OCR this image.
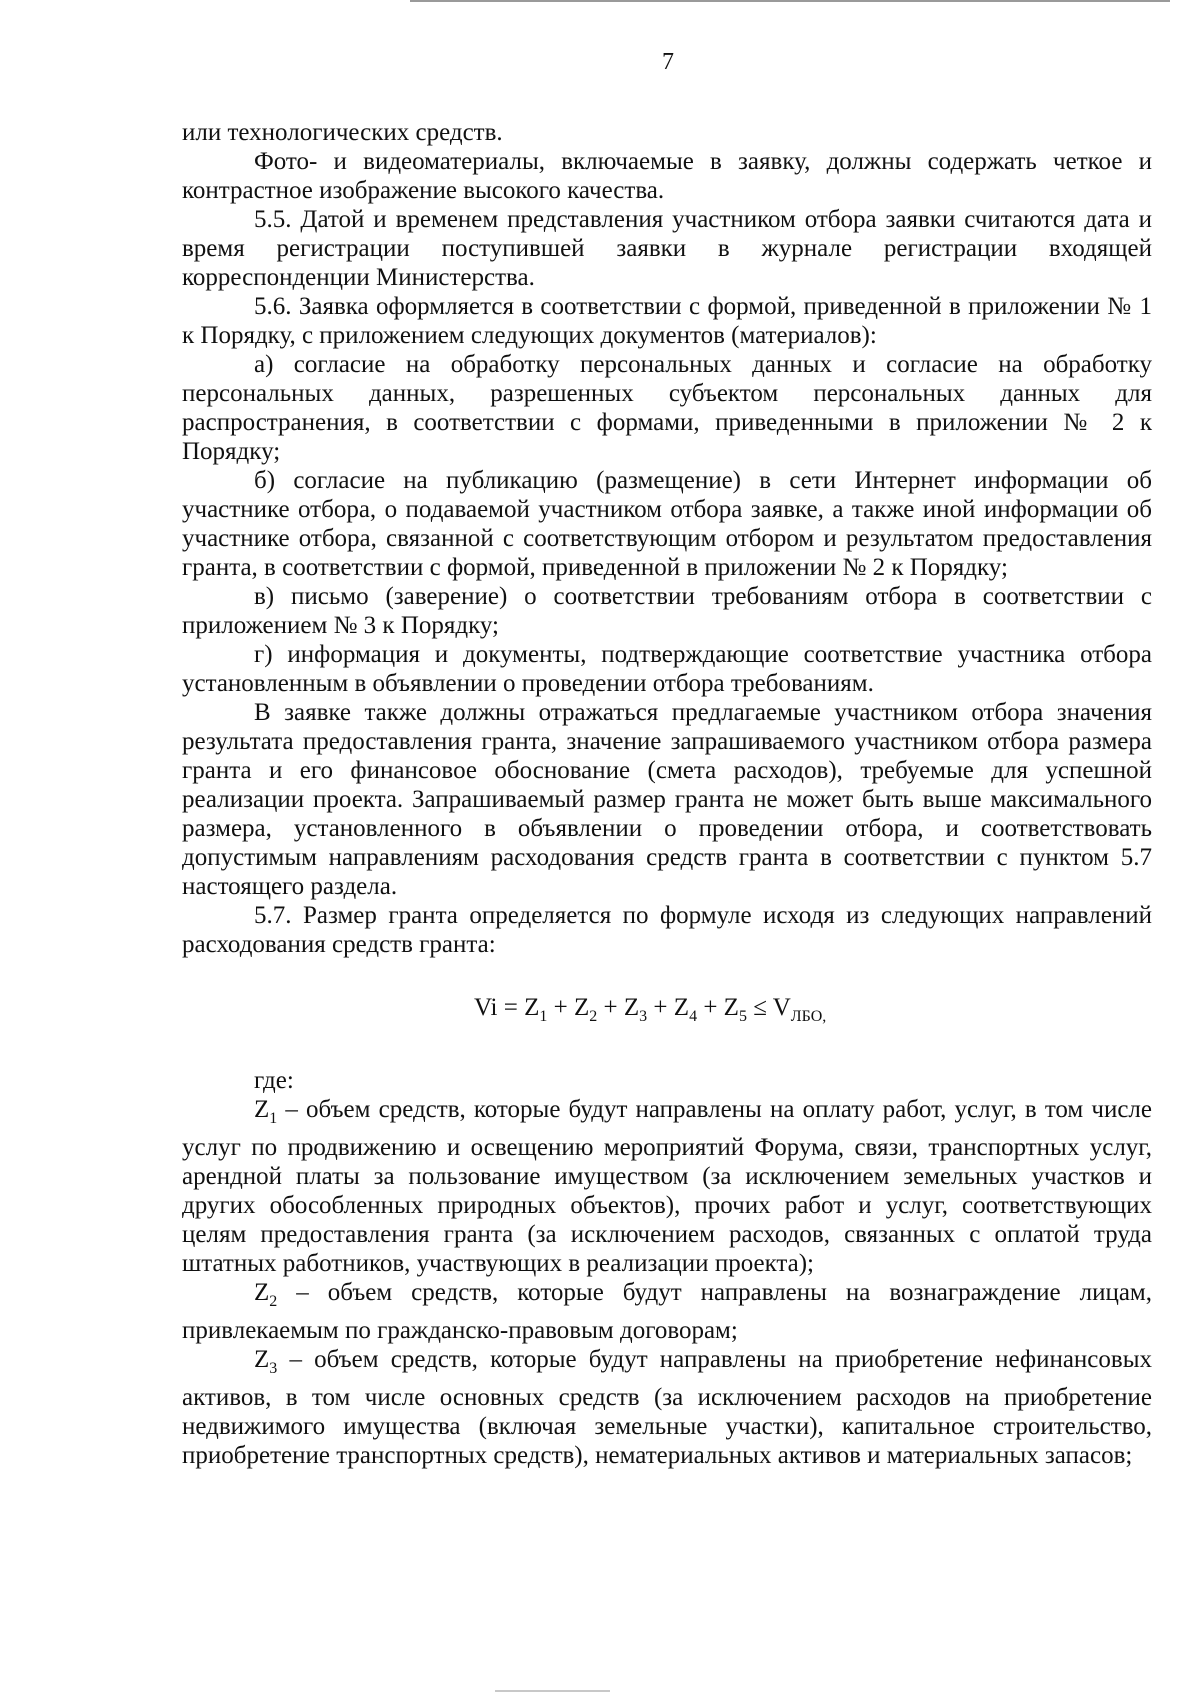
7

или технологических средств.

Фото- и видеоматериалы, включаемые в заявку, должны содержать четкое и контрастное изображение высокого качества.

5.5. Датой и временем представления участником отбора заявки считаются дата и время регистрации поступившей заявки в журнале регистрации входящей корреспонденции Министерства.

5.6. Заявка оформляется в соответствии с формой, приведенной в приложении № 1 к Порядку, с приложением следующих документов (материалов):

а) согласие на обработку персональных данных и согласие на обработку персональных данных, разрешенных субъектом персональных данных для распространения, в соответствии с формами, приведенными в приложении № 2 к Порядку;

б) согласие на публикацию (размещение) в сети Интернет информации об участнике отбора, о подаваемой участником отбора заявке, а также иной информации об участнике отбора, связанной с соответствующим отбором и результатом предоставления гранта, в соответствии с формой, приведенной в приложении № 2 к Порядку;

в) письмо (заверение) о соответствии требованиям отбора в соответствии с приложением № 3 к Порядку;

г) информация и документы, подтверждающие соответствие участника отбора установленным в объявлении о проведении отбора требованиям.

В заявке также должны отражаться предлагаемые участником отбора значения результата предоставления гранта, значение запрашиваемого участником отбора размера гранта и его финансовое обоснование (смета расходов), требуемые для успешной реализации проекта. Запрашиваемый размер гранта не может быть выше максимального размера, установленного в объявлении о проведении отбора, и соответствовать допустимым направлениям расходования средств гранта в соответствии с пунктом 5.7 настоящего раздела.

5.7. Размер гранта определяется по формуле исходя из следующих направлений расходования средств гранта:

$Vi = Z_1 + Z_2 + Z_3 + Z_4 + Z_5 \le V_{ЛБО,}$

где:

$Z_1$ – объем средств, которые будут направлены на оплату работ, услуг, в том числе услуг по продвижению и освещению мероприятий Форума, связи, транспортных услуг, арендной платы за пользование имуществом (за исключением земельных участков и других обособленных природных объектов), прочих работ и услуг, соответствующих целям предоставления гранта (за исключением расходов, связанных с оплатой труда штатных работников, участвующих в реализации проекта);

$Z_2$ – объем средств, которые будут направлены на вознаграждение лицам, привлекаемым по гражданско-правовым договорам;

$Z_3$ – объем средств, которые будут направлены на приобретение нефинансовых активов, в том числе основных средств (за исключением расходов на приобретение недвижимого имущества (включая земельные участки), капитальное строительство, приобретение транспортных средств), нематериальных активов и материальных запасов;
